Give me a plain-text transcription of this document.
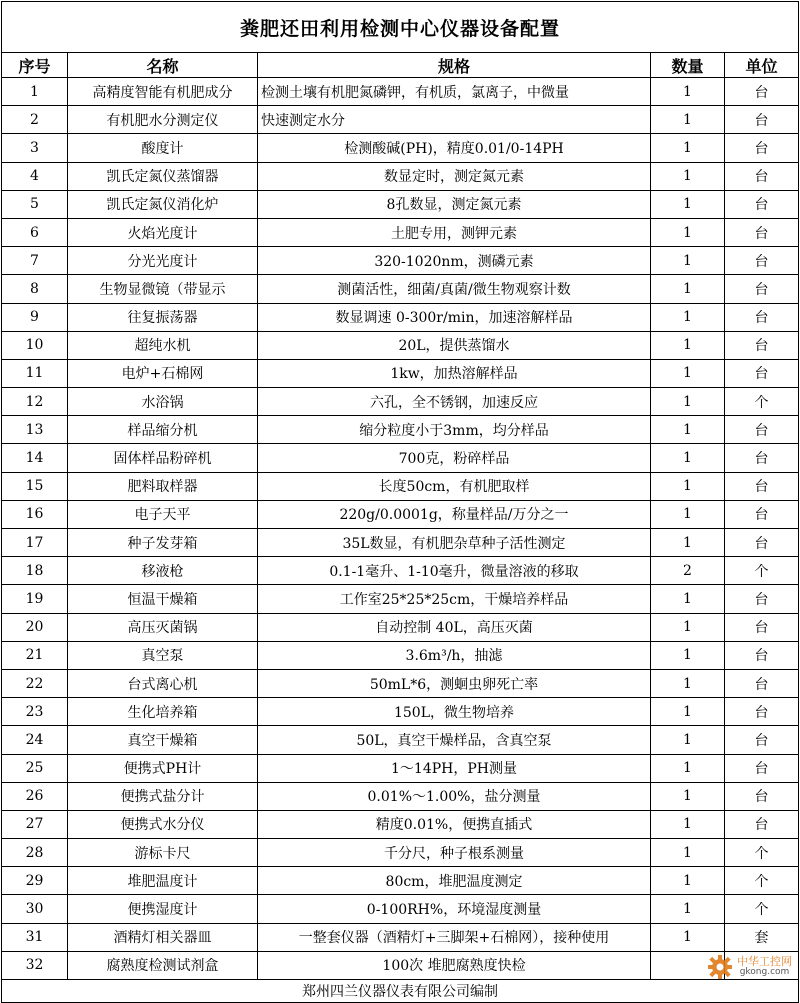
粪肥还田利用检测中心仪器设备配置				
序号	名称	规格	数量	单位
1	高精度智能有机肥成分	检测土壤有机肥氮磷钾，有机质，氯离子，中微量	1	台
2	有机肥水分测定仪	快速测定水分	1	台
3	酸度计	检测酸碱(PH)，精度0.01/0-14PH	1	台
4	凯氏定氮仪蒸馏器	数显定时，测定氮元素	1	台
5	凯氏定氮仪消化炉	8孔数显，测定氮元素	1	台
6	火焰光度计	土肥专用，测钾元素	1	台
7	分光光度计	320-1020nm，测磷元素	1	台
8	生物显微镜（带显示	测菌活性，细菌/真菌/微生物观察计数	1	台
9	往复振荡器	数显调速 0-300r/min，加速溶解样品	1	台
10	超纯水机	20L，提供蒸馏水	1	台
11	电炉+石棉网	1kw，加热溶解样品	1	台
12	水浴锅	六孔，全不锈钢，加速反应	1	个
13	样品缩分机	缩分粒度小于3mm，均分样品	1	台
14	固体样品粉碎机	700克，粉碎样品	1	台
15	肥料取样器	长度50cm，有机肥取样	1	台
16	电子天平	220g/0.0001g，称量样品/万分之一	1	台
17	种子发芽箱	35L数显，有机肥杂草种子活性测定	1	台
18	移液枪	0.1-1毫升、1-10毫升，微量溶液的移取	2	个
19	恒温干燥箱	工作室25*25*25cm，干燥培养样品	1	台
20	高压灭菌锅	自动控制 40L，高压灭菌	1	台
21	真空泵	3.6m³/h，抽滤	1	台
22	台式离心机	50mL*6，测蛔虫卵死亡率	1	台
23	生化培养箱	150L，微生物培养	1	台
24	真空干燥箱	50L，真空干燥样品，含真空泵	1	台
25	便携式PH计	1～14PH，PH测量	1	台
26	便携式盐分计	0.01%～1.00%，盐分测量	1	台
27	便携式水分仪	精度0.01%，便携直插式	1	台
28	游标卡尺	千分尺，种子根系测量	1	个
29	堆肥温度计	80cm，堆肥温度测定	1	个
30	便携湿度计	0-100RH%，环境湿度测量	1	个
31	酒精灯相关器皿	一整套仪器（酒精灯+三脚架+石棉网），接种使用	1	套
32	腐熟度检测试剂盒	100次 堆肥腐熟度快检		
郑州四兰仪器仪表有限公司编制				
中华工控网
gkong.com
